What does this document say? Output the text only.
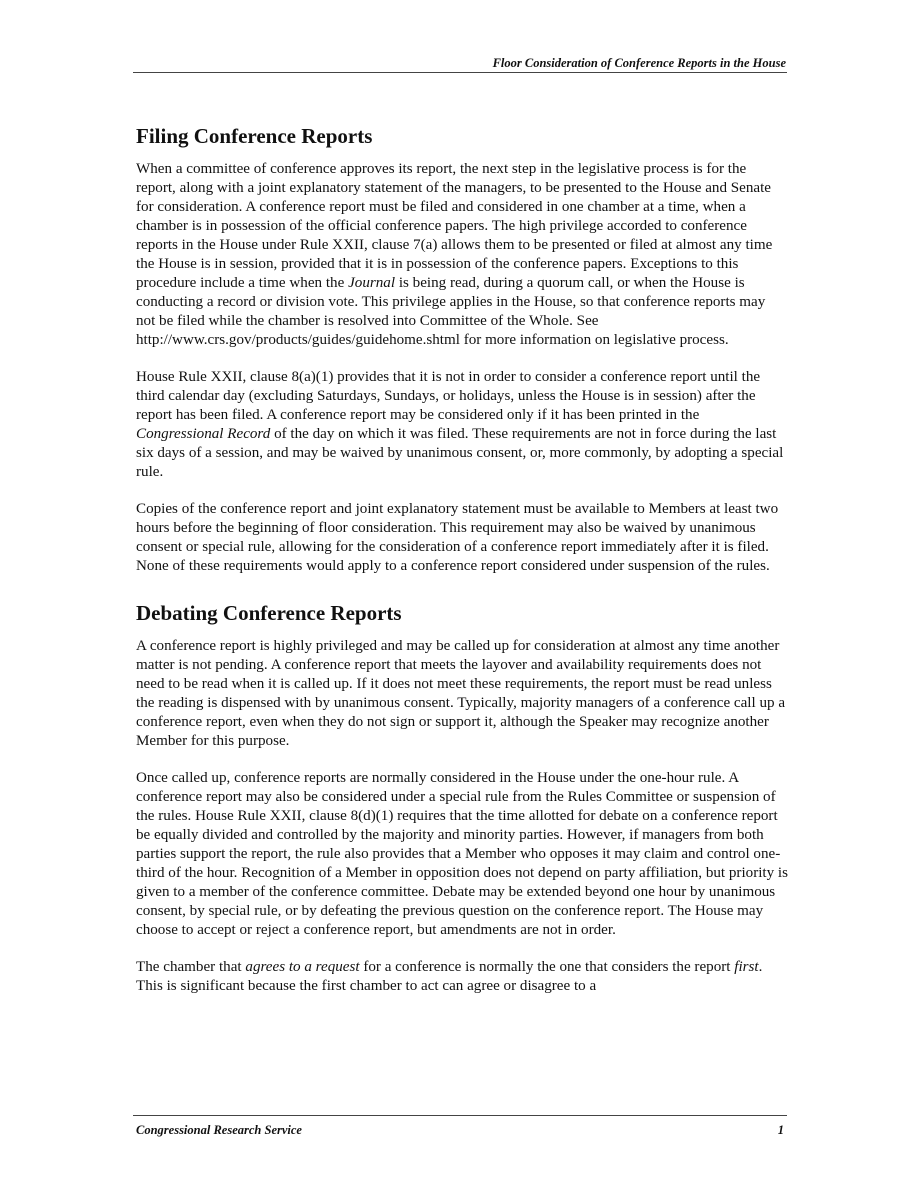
Floor Consideration of Conference Reports in the House
Filing Conference Reports

When a committee of conference approves its report, the next step in the legislative process is for the report, along with a joint explanatory statement of the managers, to be presented to the House and Senate for consideration. A conference report must be filed and considered in one chamber at a time, when a chamber is in possession of the official conference papers. The high privilege accorded to conference reports in the House under Rule XXII, clause 7(a) allows them to be presented or filed at almost any time the House is in session, provided that it is in possession of the conference papers. Exceptions to this procedure include a time when the Journal is being read, during a quorum call, or when the House is conducting a record or division vote. This privilege applies in the House, so that conference reports may not be filed while the chamber is resolved into Committee of the Whole. See http://www.crs.gov/products/guides/guidehome.shtml for more information on legislative process.

House Rule XXII, clause 8(a)(1) provides that it is not in order to consider a conference report until the third calendar day (excluding Saturdays, Sundays, or holidays, unless the House is in session) after the report has been filed. A conference report may be considered only if it has been printed in the Congressional Record of the day on which it was filed. These requirements are not in force during the last six days of a session, and may be waived by unanimous consent, or, more commonly, by adopting a special rule.

Copies of the conference report and joint explanatory statement must be available to Members at least two hours before the beginning of floor consideration. This requirement may also be waived by unanimous consent or special rule, allowing for the consideration of a conference report immediately after it is filed. None of these requirements would apply to a conference report considered under suspension of the rules.

Debating Conference Reports

A conference report is highly privileged and may be called up for consideration at almost any time another matter is not pending. A conference report that meets the layover and availability requirements does not need to be read when it is called up. If it does not meet these requirements, the report must be read unless the reading is dispensed with by unanimous consent. Typically, majority managers of a conference call up a conference report, even when they do not sign or support it, although the Speaker may recognize another Member for this purpose.

Once called up, conference reports are normally considered in the House under the one-hour rule. A conference report may also be considered under a special rule from the Rules Committee or suspension of the rules. House Rule XXII, clause 8(d)(1) requires that the time allotted for debate on a conference report be equally divided and controlled by the majority and minority parties. However, if managers from both parties support the report, the rule also provides that a Member who opposes it may claim and control one-third of the hour. Recognition of a Member in opposition does not depend on party affiliation, but priority is given to a member of the conference committee. Debate may be extended beyond one hour by unanimous consent, by special rule, or by defeating the previous question on the conference report. The House may choose to accept or reject a conference report, but amendments are not in order.

The chamber that agrees to a request for a conference is normally the one that considers the report first. This is significant because the first chamber to act can agree or disagree to a

Congressional Research Service	1
